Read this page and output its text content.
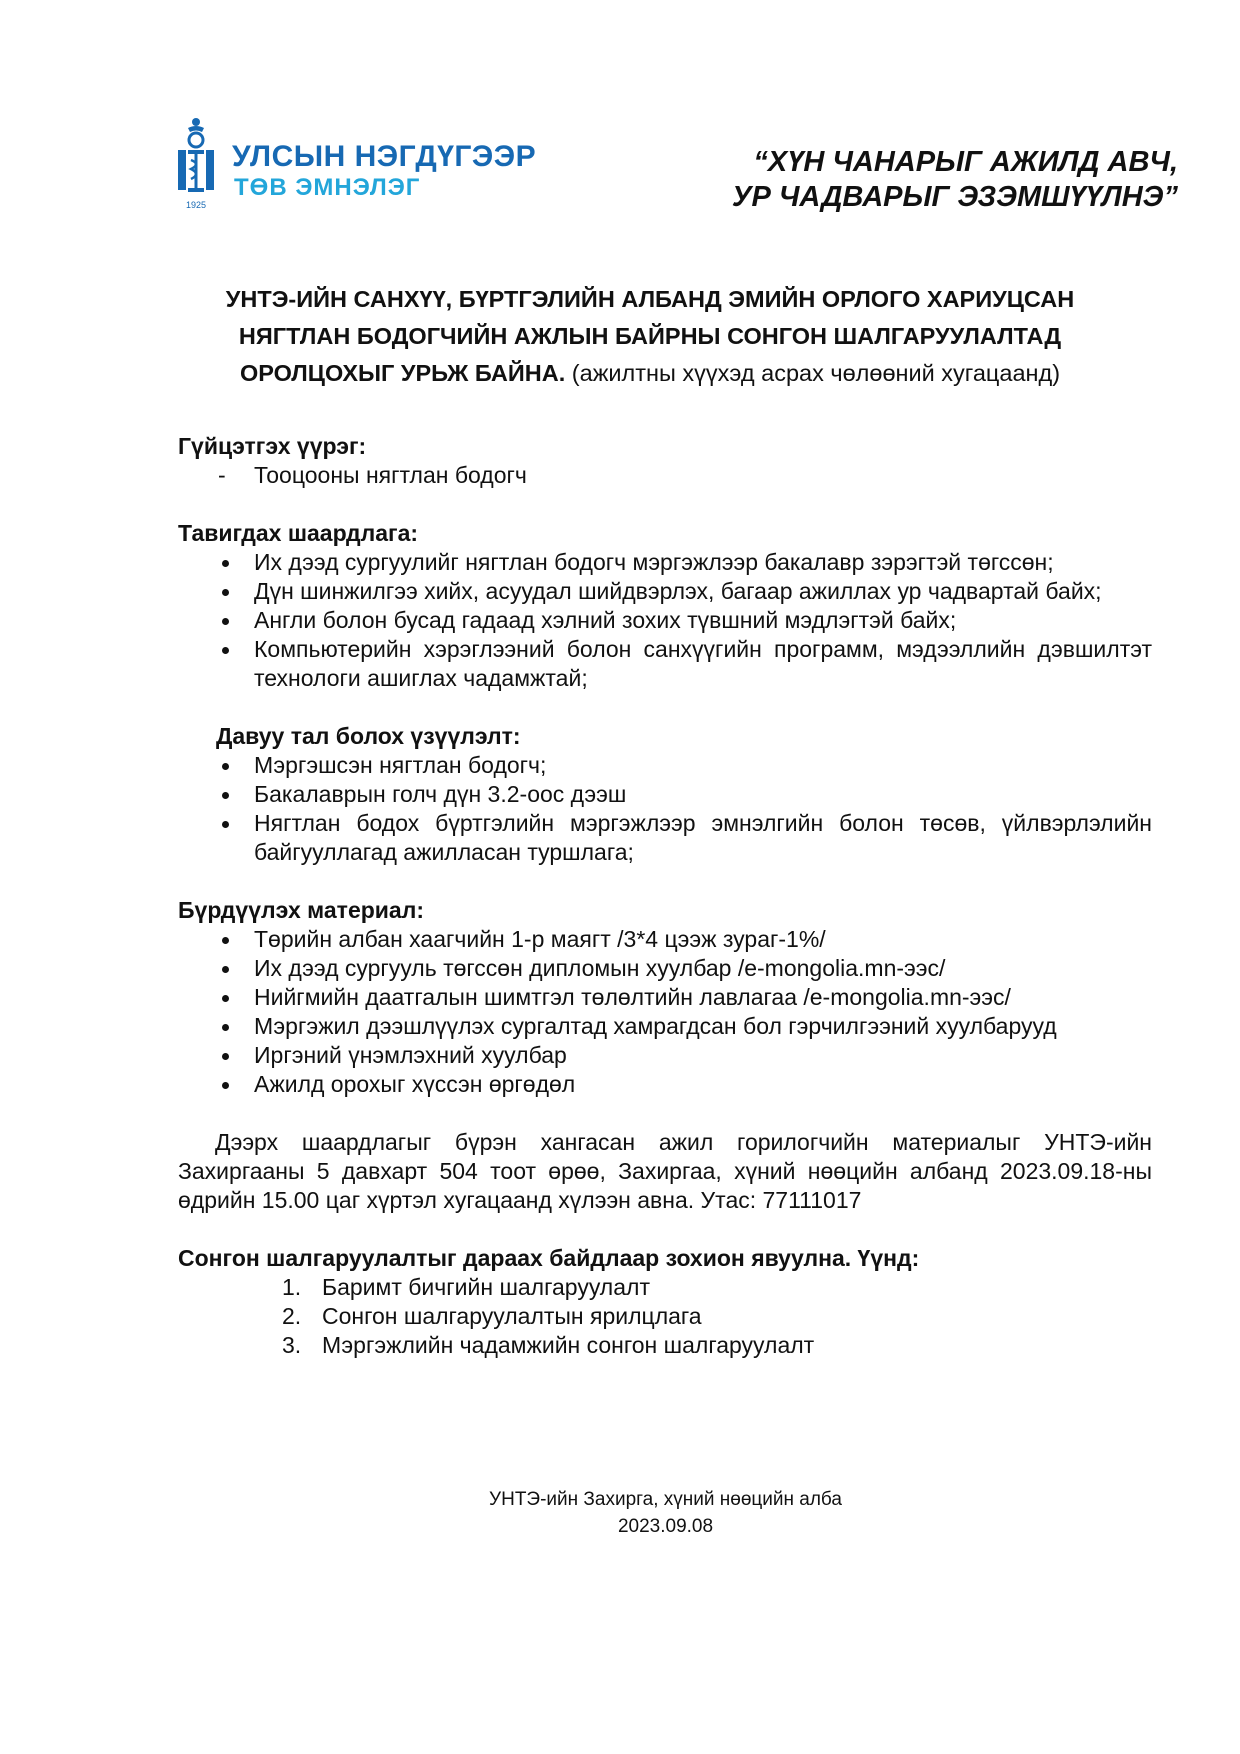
1925
УЛСЫН НЭГДҮГЭЭР
ТӨВ ЭМНЭЛЭГ
“ХҮН ЧАНАРЫГ АЖИЛД АВЧ,
УР ЧАДВАРЫГ ЭЗЭМШҮҮЛНЭ”
УНТЭ-ИЙН САНХҮҮ, БҮРТГЭЛИЙН АЛБАНД ЭМИЙН ОРЛОГО ХАРИУЦСАН
НЯГТЛАН БОДОГЧИЙН АЖЛЫН БАЙРНЫ СОНГОН ШАЛГАРУУЛАЛТАД
ОРОЛЦОХЫГ УРЬЖ БАЙНА. (ажилтны хүүхэд асрах чөлөөний хугацаанд)

Гүйцэтгэх үүрэг:

- Тооцооны нягтлан бодогч

Тавигдах шаардлага:

Их дээд сургуулийг нягтлан бодогч мэргэжлээр бакалавр зэрэгтэй төгссөн;
Дүн шинжилгээ хийх, асуудал шийдвэрлэх, багаар ажиллах ур чадвартай байх;
Англи болон бусад гадаад хэлний зохих түвшний мэдлэгтэй байх;
Компьютерийн хэрэглээний болон санхүүгийн программ, мэдээллийн дэвшилтэт технологи ашиглах чадамжтай;

Давуу тал болох үзүүлэлт:

Мэргэшсэн нягтлан бодогч;
Бакалаврын голч дүн 3.2-оос дээш
Нягтлан бодох бүртгэлийн мэргэжлээр эмнэлгийн болон төсөв, үйлвэрлэлийн байгууллагад ажилласан туршлага;

Бүрдүүлэх материал:

Төрийн албан хаагчийн 1-р маягт /3*4 цээж зураг-1%/
Их дээд сургууль төгссөн дипломын хуулбар /e-mongolia.mn-ээс/
Нийгмийн даатгалын шимтгэл төлөлтийн лавлагаа /e-mongolia.mn-ээс/
Мэргэжил дээшлүүлэх сургалтад хамрагдсан бол гэрчилгээний хуулбарууд
Иргэний үнэмлэхний хуулбар
Ажилд орохыг хүссэн өргөдөл

Дээрх шаардлагыг бүрэн хангасан ажил горилогчийн материалыг УНТЭ-ийн Захиргааны 5 давхарт 504 тоот өрөө, Захиргаа, хүний нөөцийн албанд 2023.09.18-ны өдрийн 15.00 цаг хүртэл хугацаанд хүлээн авна. Утас: 77111017

Сонгон шалгаруулалтыг дараах байдлаар зохион явуулна. Үүнд:

1. Баримт бичгийн шалгаруулалт
2. Сонгон шалгаруулалтын ярилцлага
3. Мэргэжлийн чадамжийн сонгон шалгаруулалт
УНТЭ-ийн Захирга, хүний нөөцийн алба
2023.09.08
